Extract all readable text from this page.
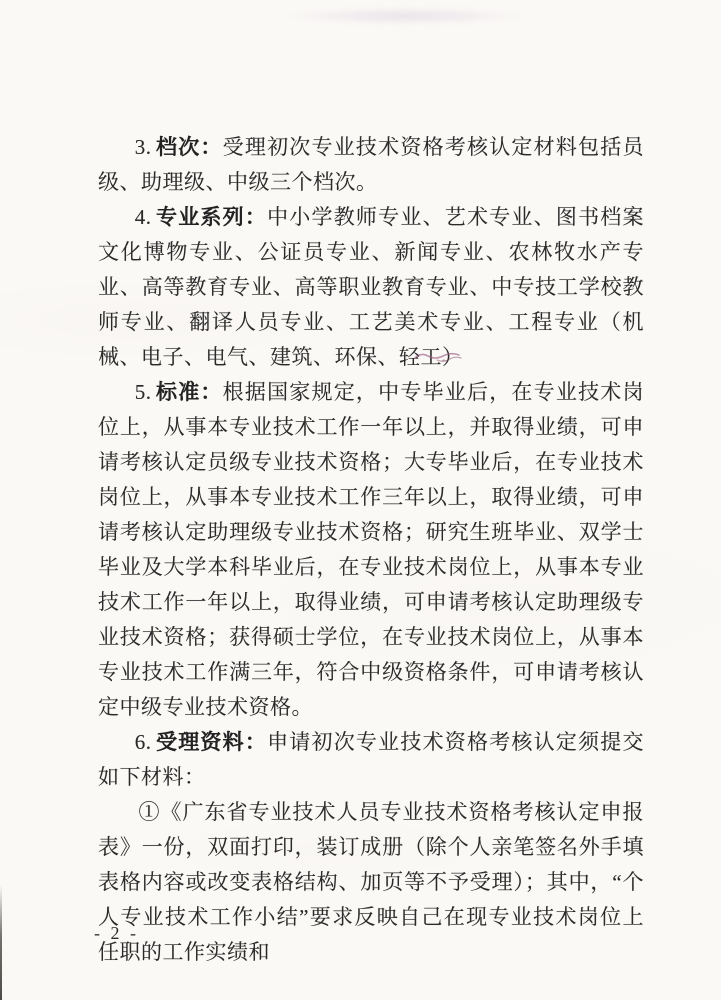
3. 档次：受理初次专业技术资格考核认定材料包括员级、助理级、中级三个档次。

4. 专业系列：中小学教师专业、艺术专业、图书档案文化博物专业、公证员专业、新闻专业、农林牧水产专业、高等教育专业、高等职业教育专业、中专技工学校教师专业、翻译人员专业、工艺美术专业、工程专业（机械、电子、电气、建筑、环保、轻工）

5. 标准：根据国家规定，中专毕业后，在专业技术岗位上，从事本专业技术工作一年以上，并取得业绩，可申请考核认定员级专业技术资格；大专毕业后，在专业技术岗位上，从事本专业技术工作三年以上，取得业绩，可申请考核认定助理级专业技术资格；研究生班毕业、双学士毕业及大学本科毕业后，在专业技术岗位上，从事本专业技术工作一年以上，取得业绩，可申请考核认定助理级专业技术资格；获得硕士学位，在专业技术岗位上，从事本专业技术工作满三年，符合中级资格条件，可申请考核认定中级专业技术资格。

6. 受理资料：申请初次专业技术资格考核认定须提交如下材料：

①《广东省专业技术人员专业技术资格考核认定申报表》一份，双面打印，装订成册（除个人亲笔签名外手填表格内容或改变表格结构、加页等不予受理）；其中，“个人专业技术工作小结”要求反映自己在现专业技术岗位上任职的工作实绩和

- 2 -
